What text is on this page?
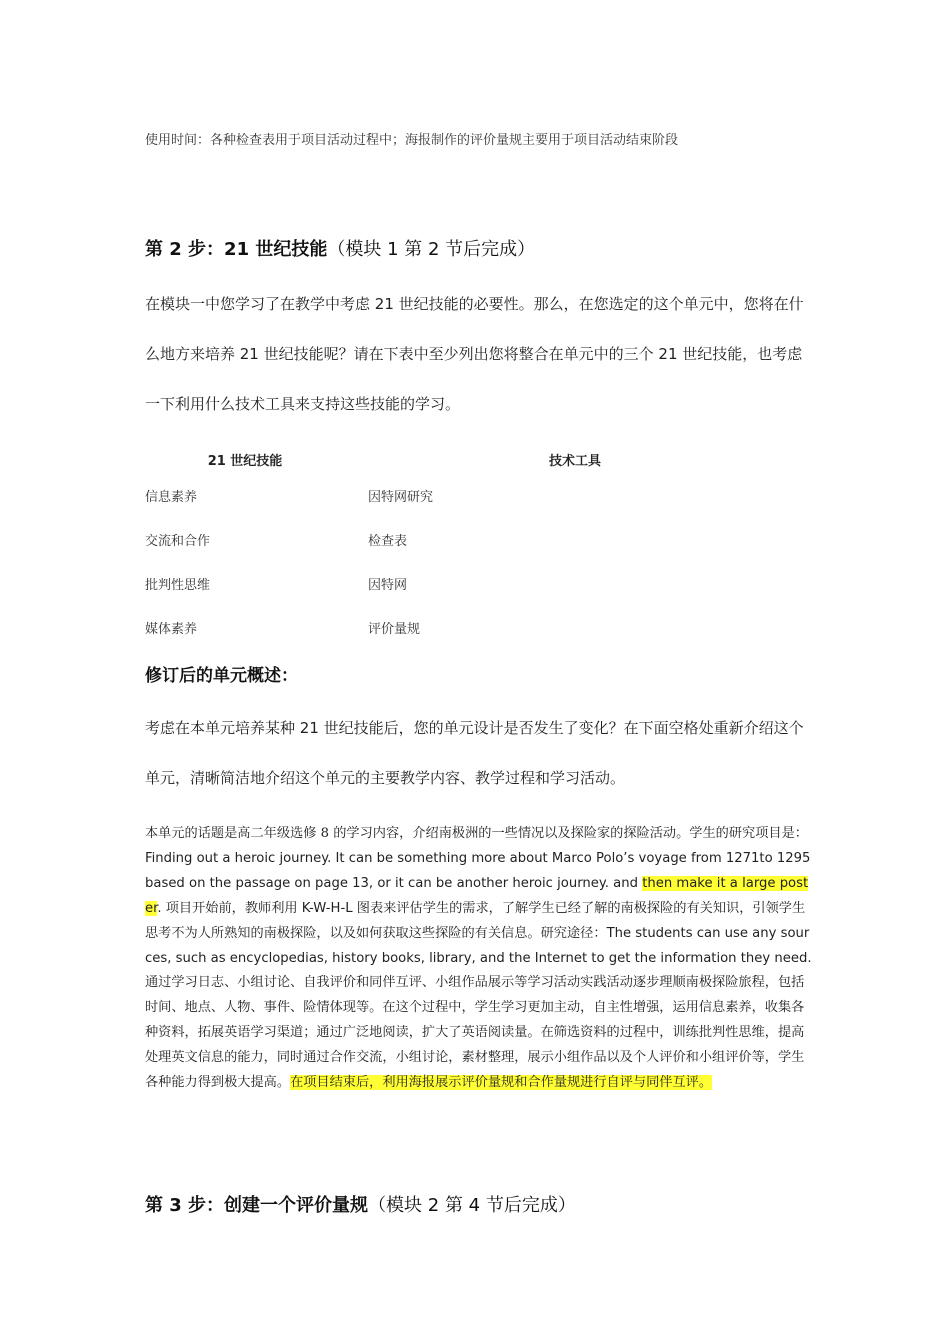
使用时间：各种检查表用于项目活动过程中；海报制作的评价量规主要用于项目活动结束阶段
第 2 步：21 世纪技能（模块 1 第 2 节后完成）
在模块一中您学习了在教学中考虑 21 世纪技能的必要性。那么，在您选定的这个单元中，您将在什么地方来培养 21 世纪技能呢？请在下表中至少列出您将整合在单元中的三个 21 世纪技能，也考虑一下利用什么技术工具来支持这些技能的学习。
21 世纪技能	技术工具
信息素养	因特网研究
交流和合作	检查表
批判性思维	因特网
媒体素养	评价量规
修订后的单元概述：
考虑在本单元培养某种 21 世纪技能后，您的单元设计是否发生了变化？在下面空格处重新介绍这个单元，清晰简洁地介绍这个单元的主要教学内容、教学过程和学习活动。
本单元的话题是高二年级选修 8 的学习内容，介绍南极洲的一些情况以及探险家的探险活动。学生的研究项目是：Finding out a heroic journey. It can be something more about Marco Polo’s voyage from 1271to 1295 based on the passage on page 13, or it can be another heroic journey. and then make it a large poster. 项目开始前，教师利用 K-W-H-L 图表来评估学生的需求，了解学生已经了解的南极探险的有关知识，引领学生思考不为人所熟知的南极探险，以及如何获取这些探险的有关信息。研究途径：The students can use any sources, such as encyclopedias, history books, library, and the Internet to get the information they need. 通过学习日志、小组讨论、自我评价和同伴互评、小组作品展示等学习活动实践活动逐步理顺南极探险旅程，包括时间、地点、人物、事件、险情体现等。在这个过程中，学生学习更加主动，自主性增强，运用信息素养，收集各种资料，拓展英语学习渠道；通过广泛地阅读，扩大了英语阅读量。在筛选资料的过程中，训练批判性思维，提高处理英文信息的能力，同时通过合作交流，小组讨论，素材整理，展示小组作品以及个人评价和小组评价等，学生各种能力得到极大提高。在项目结束后，利用海报展示评价量规和合作量规进行自评与同伴互评。
第 3 步：创建一个评价量规（模块 2 第 4 节后完成）
